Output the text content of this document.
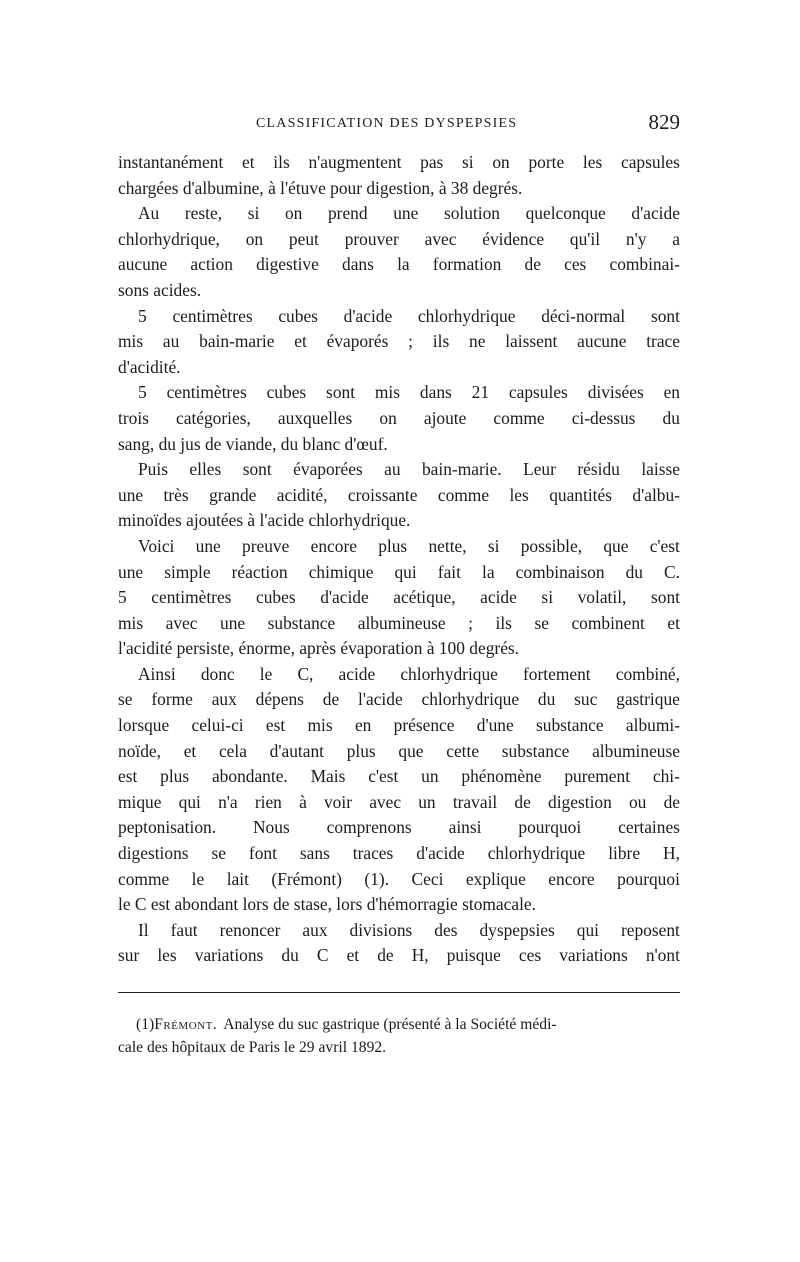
CLASSIFICATION DES DYSPEPSIES	829
instantanément et ils n'augmentent pas si on porte les capsules
chargées d'albumine, à l'étuve pour digestion, à 38 degrés.
Au reste, si on prend une solution quelconque d'acide
chlorhydrique, on peut prouver avec évidence qu'il n'y a
aucune action digestive dans la formation de ces combinai-
sons acides.
5 centimètres cubes d'acide chlorhydrique déci-normal sont
mis au bain-marie et évaporés ; ils ne laissent aucune trace
d'acidité.
5 centimètres cubes sont mis dans 21 capsules divisées en
trois catégories, auxquelles on ajoute comme ci-dessus du
sang, du jus de viande, du blanc d'œuf.
Puis elles sont évaporées au bain-marie. Leur résidu laisse
une très grande acidité, croissante comme les quantités d'albu-
minoïdes ajoutées à l'acide chlorhydrique.
Voici une preuve encore plus nette, si possible, que c'est
une simple réaction chimique qui fait la combinaison du C.
5 centimètres cubes d'acide acétique, acide si volatil, sont
mis avec une substance albumineuse ; ils se combinent et
l'acidité persiste, énorme, après évaporation à 100 degrés.
Ainsi donc le C, acide chlorhydrique fortement combiné,
se forme aux dépens de l'acide chlorhydrique du suc gastrique
lorsque celui-ci est mis en présence d'une substance albumi-
noïde, et cela d'autant plus que cette substance albumineuse
est plus abondante. Mais c'est un phénomène purement chi-
mique qui n'a rien à voir avec un travail de digestion ou de
peptonisation. Nous comprenons ainsi pourquoi certaines
digestions se font sans traces d'acide chlorhydrique libre H,
comme le lait (Frémont) (1). Ceci explique encore pourquoi
le C est abondant lors de stase, lors d'hémorragie stomacale.
Il faut renoncer aux divisions des dyspepsies qui reposent
sur les variations du C et de H, puisque ces variations n'ont
(1) Frémont. Analyse du suc gastrique (présenté à la Société médi-
cale des hôpitaux de Paris le 29 avril 1892.
